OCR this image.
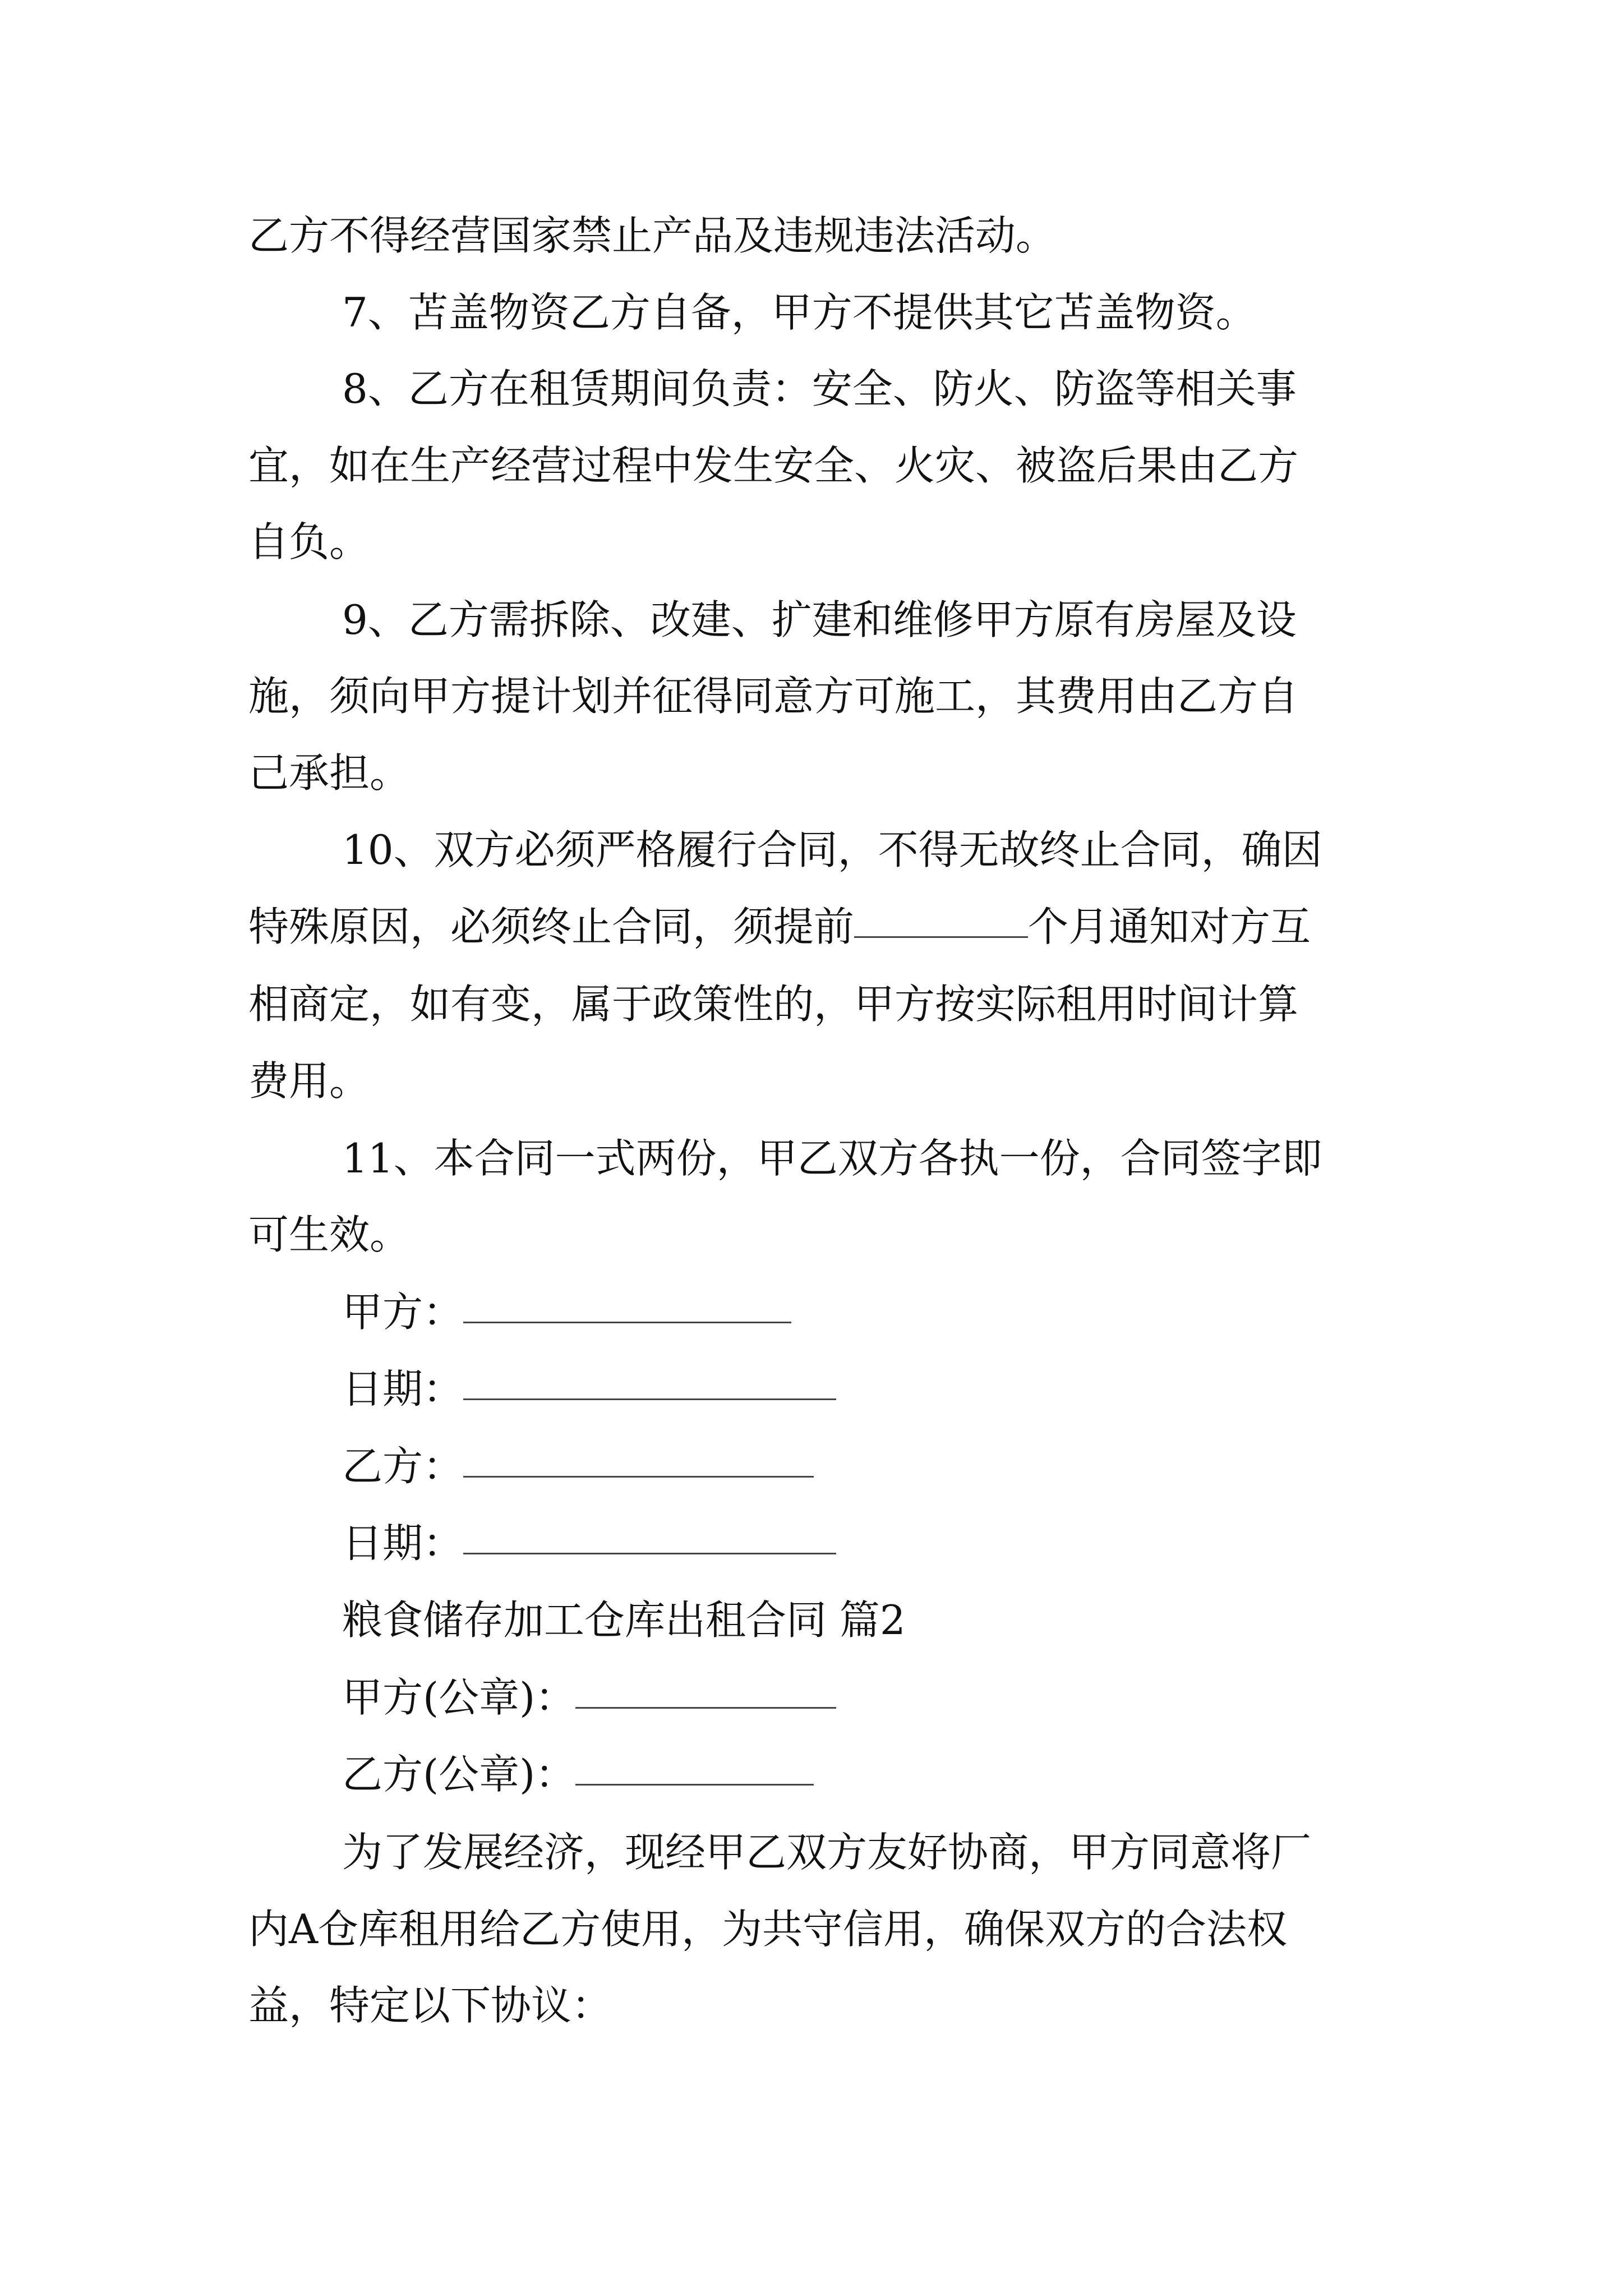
乙方不得经营国家禁止产品及违规违法活动。
7、苫盖物资乙方自备，甲方不提供其它苫盖物资。
8、乙方在租赁期间负责：安全、防火、防盗等相关事
宜，如在生产经营过程中发生安全、火灾、被盗后果由乙方
自负。
9、乙方需拆除、改建、扩建和维修甲方原有房屋及设
施，须向甲方提计划并征得同意方可施工，其费用由乙方自
己承担。
10、双方必须严格履行合同，不得无故终止合同，确因
特殊原因，必须终止合同，须提前	个月通知对方互
相商定，如有变，属于政策性的，甲方按实际租用时间计算
费用。
11、本合同一式两份，甲乙双方各执一份，合同签字即
可生效。
甲方：
日期：
乙方：
日期：
粮食储存加工仓库出租合同 篇2
甲方(公章)：
乙方(公章)：
为了发展经济，现经甲乙双方友好协商，甲方同意将厂
内A仓库租用给乙方使用，为共守信用，确保双方的合法权
益，特定以下协议：
